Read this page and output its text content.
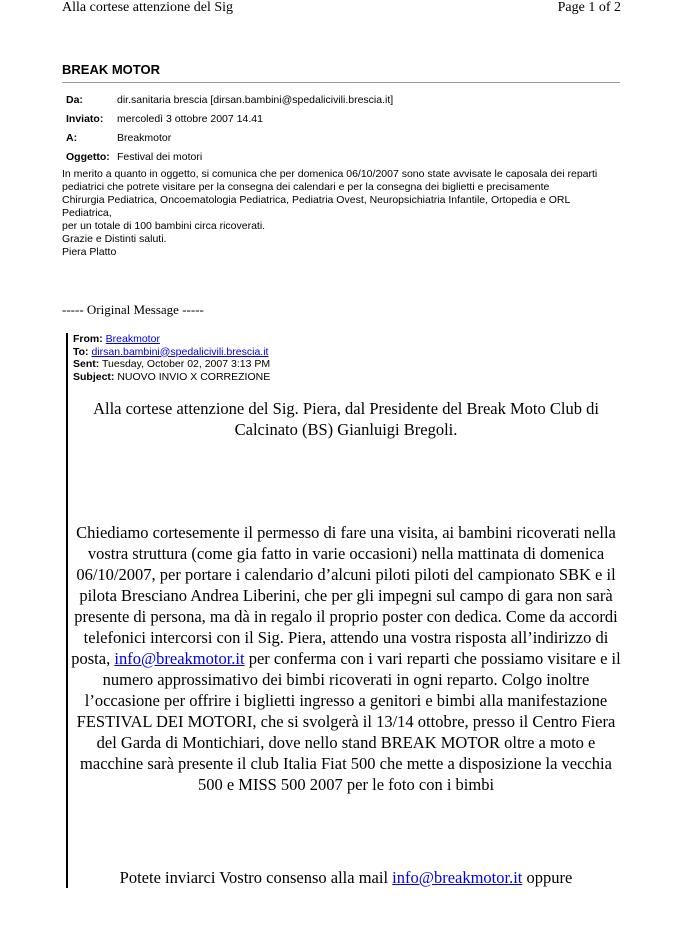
Alla cortese attenzione del Sig	Page 1 of 2
BREAK MOTOR
Da:	dir.sanitaria brescia [dirsan.bambini@spedalicivili.brescia.it]
Inviato: mercoledì 3 ottobre 2007 14.41
A:	Breakmotor
Oggetto: Festival dei motori
In merito a quanto in oggetto, si comunica che per domenica 06/10/2007 sono state avvisate le caposala dei reparti pediatrici che potrete visitare per la consegna dei calendari e per la consegna dei biglietti e precisamente
Chirurgia Pediatrica, Oncoematologia Pediatrica, Pediatria Ovest, Neuropsichiatria Infantile, Ortopedia e ORL Pediatrica,
per un totale di 100 bambini circa ricoverati.
Grazie e Distinti saluti.
Piera Platto
----- Original Message -----
From: Breakmotor
To: dirsan.bambini@spedalicivili.brescia.it
Sent: Tuesday, October 02, 2007 3:13 PM
Subject: NUOVO INVIO X CORREZIONE
Alla cortese attenzione del Sig. Piera, dal Presidente del Break Moto Club di Calcinato (BS) Gianluigi Bregoli.
Chiediamo cortesemente il permesso di fare una visita, ai bambini ricoverati nella vostra struttura (come gia fatto in varie occasioni) nella mattinata di domenica 06/10/2007, per portare i calendario d’alcuni piloti piloti del campionato SBK e il pilota Bresciano Andrea Liberini, che per gli impegni sul campo di gara non sarà presente di persona, ma dà in regalo il proprio poster con dedica. Come da accordi telefonici intercorsi con il Sig. Piera, attendo una vostra risposta all’indirizzo di posta, info@breakmotor.it per conferma con i vari reparti che possiamo visitare e il numero approssimativo dei bimbi ricoverati in ogni reparto. Colgo inoltre l’occasione per offrire i biglietti ingresso a genitori e bimbi alla manifestazione FESTIVAL DEI MOTORI, che si svolgerà il 13/14 ottobre, presso il Centro Fiera del Garda di Montichiari, dove nello stand BREAK MOTOR oltre a moto e macchine sarà presente il club Italia Fiat 500 che mette a disposizione la vecchia 500 e MISS 500 2007 per le foto con i bimbi
Potete inviarci Vostro consenso alla mail info@breakmotor.it oppure
